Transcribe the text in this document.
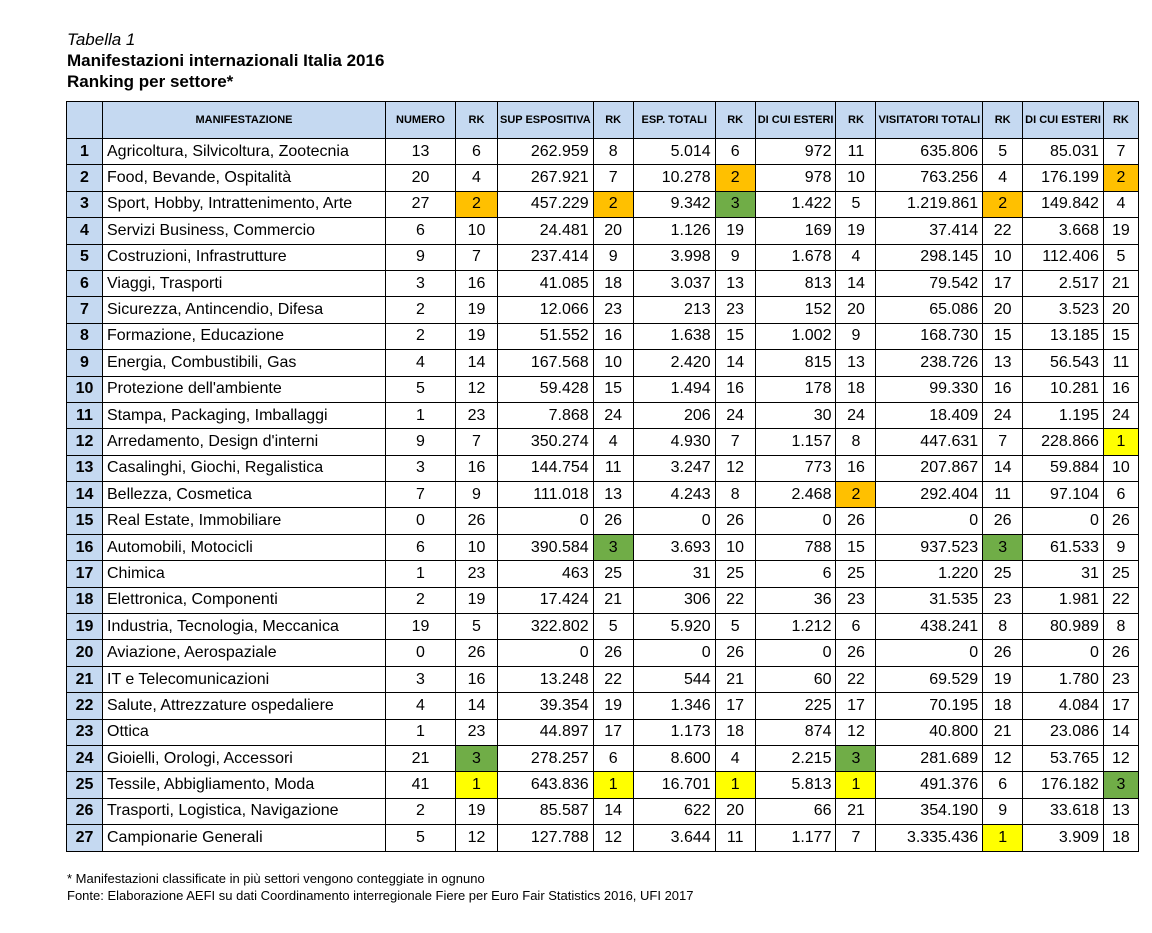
Tabella 1
Manifestazioni internazionali Italia 2016
Ranking per settore*
	MANIFESTAZIONE	NUMERO	RK	SUP ESPOSITIVA	RK	ESP. TOTALI	RK	DI CUI ESTERI	RK	VISITATORI TOTALI	RK	DI CUI ESTERI	RK
1	Agricoltura, Silvicoltura, Zootecnia	13	6	262.959	8	5.014	6	972	11	635.806	5	85.031	7
2	Food, Bevande, Ospitalità	20	4	267.921	7	10.278	2	978	10	763.256	4	176.199	2
3	Sport, Hobby, Intrattenimento, Arte	27	2	457.229	2	9.342	3	1.422	5	1.219.861	2	149.842	4
4	Servizi Business, Commercio	6	10	24.481	20	1.126	19	169	19	37.414	22	3.668	19
5	Costruzioni, Infrastrutture	9	7	237.414	9	3.998	9	1.678	4	298.145	10	112.406	5
6	Viaggi, Trasporti	3	16	41.085	18	3.037	13	813	14	79.542	17	2.517	21
7	Sicurezza, Antincendio, Difesa	2	19	12.066	23	213	23	152	20	65.086	20	3.523	20
8	Formazione, Educazione	2	19	51.552	16	1.638	15	1.002	9	168.730	15	13.185	15
9	Energia, Combustibili, Gas	4	14	167.568	10	2.420	14	815	13	238.726	13	56.543	11
10	Protezione dell'ambiente	5	12	59.428	15	1.494	16	178	18	99.330	16	10.281	16
11	Stampa, Packaging, Imballaggi	1	23	7.868	24	206	24	30	24	18.409	24	1.195	24
12	Arredamento, Design d'interni	9	7	350.274	4	4.930	7	1.157	8	447.631	7	228.866	1
13	Casalinghi, Giochi, Regalistica	3	16	144.754	11	3.247	12	773	16	207.867	14	59.884	10
14	Bellezza, Cosmetica	7	9	111.018	13	4.243	8	2.468	2	292.404	11	97.104	6
15	Real Estate, Immobiliare	0	26	0	26	0	26	0	26	0	26	0	26
16	Automobili, Motocicli	6	10	390.584	3	3.693	10	788	15	937.523	3	61.533	9
17	Chimica	1	23	463	25	31	25	6	25	1.220	25	31	25
18	Elettronica, Componenti	2	19	17.424	21	306	22	36	23	31.535	23	1.981	22
19	Industria, Tecnologia, Meccanica	19	5	322.802	5	5.920	5	1.212	6	438.241	8	80.989	8
20	Aviazione, Aerospaziale	0	26	0	26	0	26	0	26	0	26	0	26
21	IT e Telecomunicazioni	3	16	13.248	22	544	21	60	22	69.529	19	1.780	23
22	Salute, Attrezzature ospedaliere	4	14	39.354	19	1.346	17	225	17	70.195	18	4.084	17
23	Ottica	1	23	44.897	17	1.173	18	874	12	40.800	21	23.086	14
24	Gioielli, Orologi, Accessori	21	3	278.257	6	8.600	4	2.215	3	281.689	12	53.765	12
25	Tessile, Abbigliamento, Moda	41	1	643.836	1	16.701	1	5.813	1	491.376	6	176.182	3
26	Trasporti, Logistica, Navigazione	2	19	85.587	14	622	20	66	21	354.190	9	33.618	13
27	Campionarie Generali	5	12	127.788	12	3.644	11	1.177	7	3.335.436	1	3.909	18
* Manifestazioni classificate in più settori vengono conteggiate in ognuno
Fonte: Elaborazione AEFI su dati Coordinamento interregionale Fiere per Euro Fair Statistics 2016, UFI 2017
